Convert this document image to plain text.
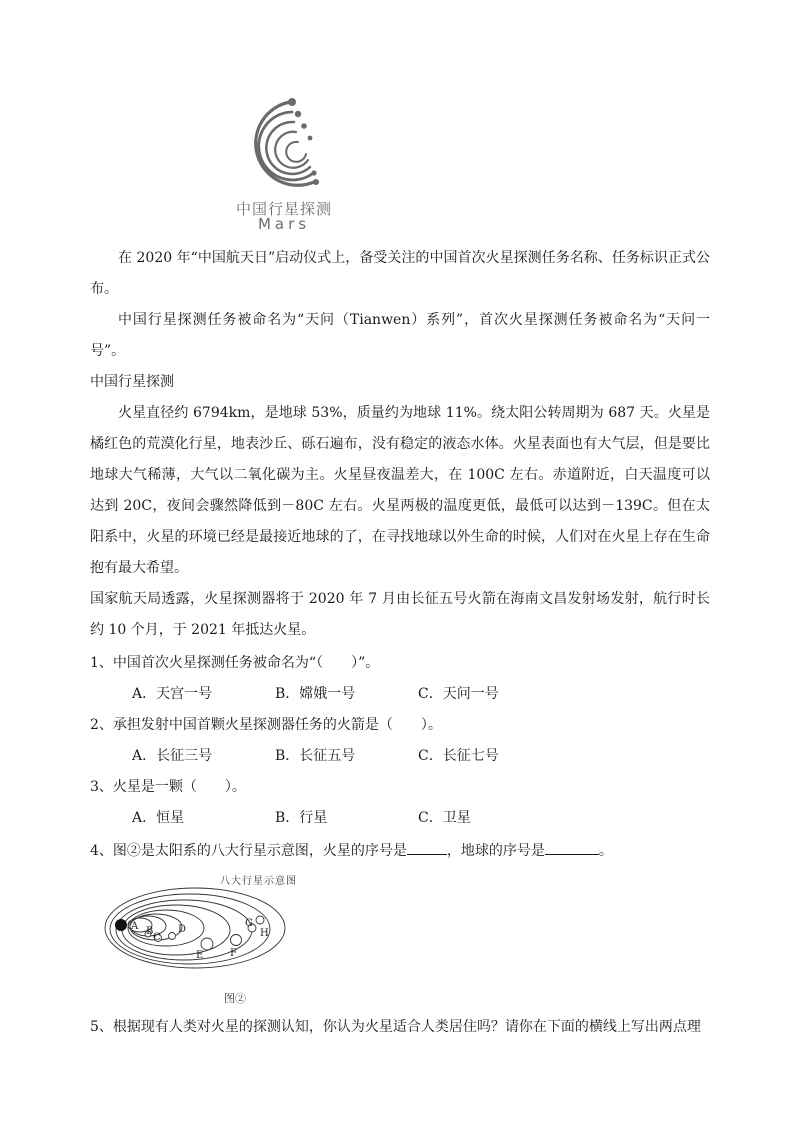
中国行星探测
Mars

在 2020 年“中国航天日”启动仪式上，备受关注的中国首次火星探测任务名称、任务标识正式公布。

中国行星探测任务被命名为“天问（Tianwen）系列”，首次火星探测任务被命名为“天问一号”。

中国行星探测

火星直径约 6794km，是地球 53%，质量约为地球 11%。绕太阳公转周期为 687 天。火星是橘红色的荒漠化行星，地表沙丘、砾石遍布，没有稳定的液态水体。火星表面也有大气层，但是要比地球大气稀薄，大气以二氧化碳为主。火星昼夜温差大，在 100C 左右。赤道附近，白天温度可以达到 20C，夜间会骤然降低到－80C 左右。火星两极的温度更低，最低可以达到－139C。但在太阳系中，火星的环境已经是最接近地球的了，在寻找地球以外生命的时候，人们对在火星上存在生命抱有最大希望。

国家航天局透露，火星探测器将于 2020 年 7 月由长征五号火箭在海南文昌发射场发射，航行时长约 10 个月，于 2021 年抵达火星。

1、中国首次火星探测任务被命名为“（　　）”。
A．天宫一号	B．嫦娥一号	C．天问一号
2、承担发射中国首颗火星探测器任务的火箭是（　　）。
A．长征三号	B．长征五号	C．长征七号
3、火星是一颗（　　）。
A．恒星	B．行星	C．卫星
4、图②是太阳系的八大行星示意图，火星的序号是	，地球的序号是	。
八大行星示意图
A B
C
D
E	F
G
H
图②
5、根据现有人类对火星的探测认知，你认为火星适合人类居住吗？请你在下面的横线上写出两点理
